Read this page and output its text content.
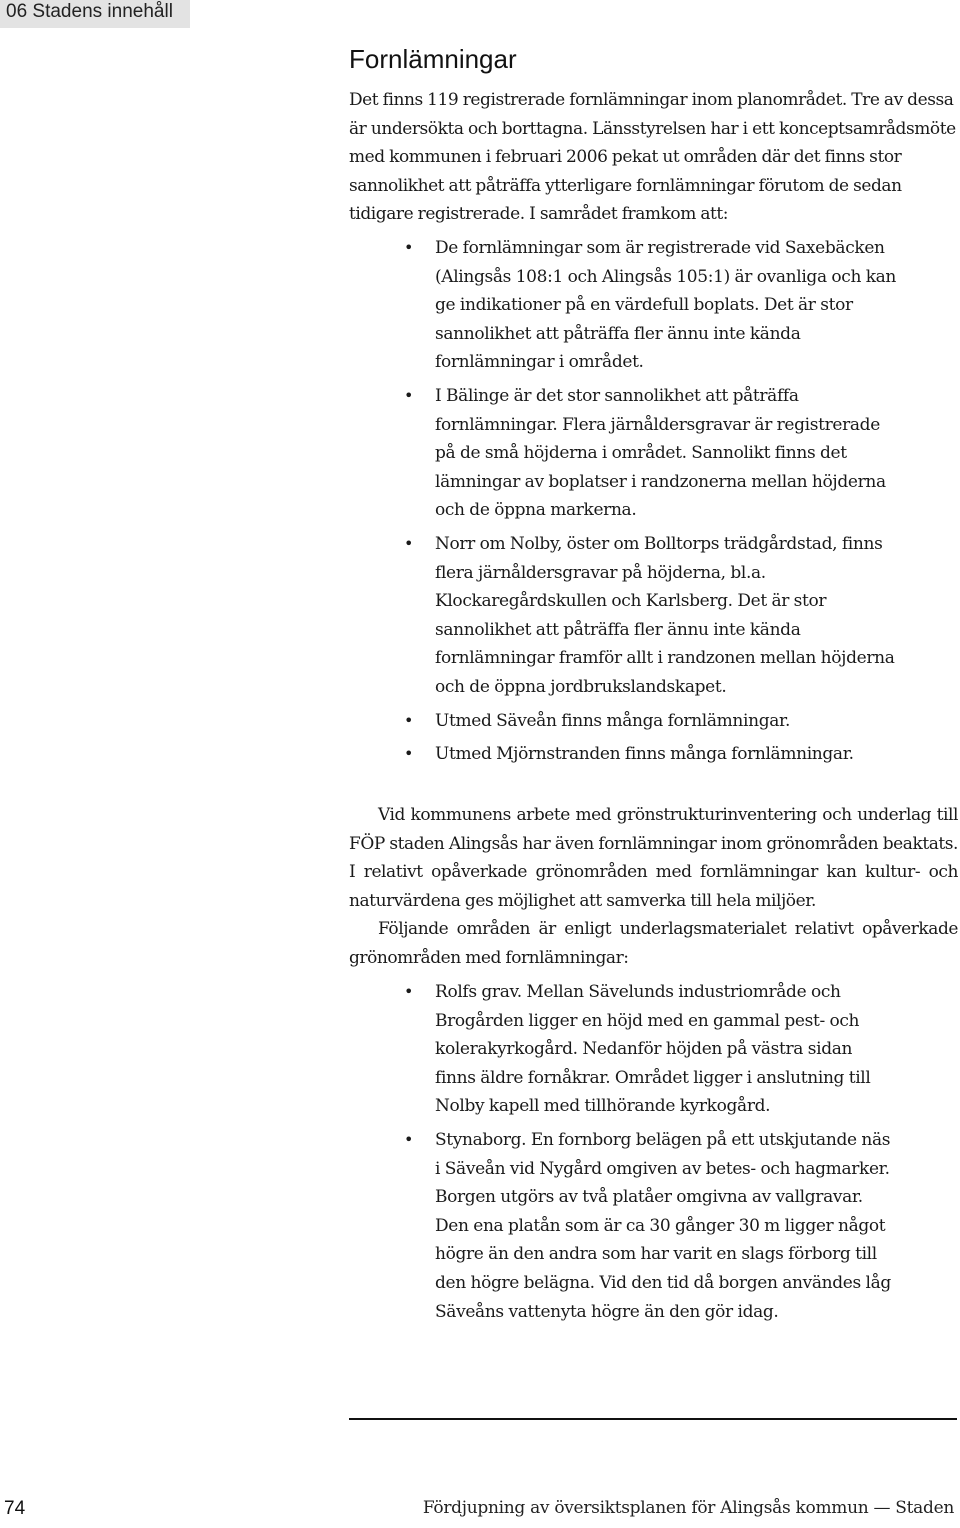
06 Stadens innehåll
Fornlämningar

Det finns 119 registrerade fornlämningar inom planområdet. Tre av dessa är undersökta och borttagna. Länsstyrelsen har i ett konceptsamrådsmöte med kommunen i februari 2006 pekat ut områden där det finns stor sannolikhet att påträffa ytterligare fornlämningar förutom de sedan tidigare registrerade. I samrådet framkom att:

• De fornlämningar som är registrerade vid Saxebäcken (Alingsås 108:1 och Alingsås 105:1) är ovanliga och kan ge indikationer på en värdefull boplats. Det är stor sannolikhet att påträffa fler ännu inte kända fornlämningar i området.
• I Bälinge är det stor sannolikhet att påträffa fornlämningar. Flera järnåldersgravar är registrerade på de små höjderna i området. Sannolikt finns det lämningar av boplatser i randzonerna mellan höjderna och de öppna markerna.
• Norr om Nolby, öster om Bolltorps trädgårdstad, finns flera järnåldersgravar på höjderna, bl.a. Klockaregårdskullen och Karlsberg. Det är stor sannolikhet att påträffa fler ännu inte kända fornlämningar framför allt i randzonen mellan höjderna och de öppna jordbrukslandskapet.
• Utmed Säveån finns många fornlämningar.
• Utmed Mjörnstranden finns många fornlämningar.

Vid kommunens arbete med grönstrukturinventering och underlag till FÖP staden Alingsås har även fornlämningar inom grönområden beaktats. I relativt opåverkade grönområden med fornlämningar kan kultur- och naturvärdena ges möjlighet att samverka till hela miljöer.

Följande områden är enligt underlagsmaterialet relativt opåverkade grönområden med fornlämningar:

• Rolfs grav. Mellan Sävelunds industriområde och Brogården ligger en höjd med en gammal pest- och kolerakyrkogård. Nedanför höjden på västra sidan finns äldre fornåkrar. Området ligger i anslutning till Nolby kapell med tillhörande kyrkogård.
• Stynaborg. En fornborg belägen på ett utskjutande näs i Säveån vid Nygård omgiven av betes- och hagmarker. Borgen utgörs av två platåer omgivna av vallgravar. Den ena platån som är ca 30 gånger 30 m ligger något högre än den andra som har varit en slags förborg till den högre belägna. Vid den tid då borgen användes låg Säveåns vattenyta högre än den gör idag.
74	Fördjupning av översiktsplanen för Alingsås kommun — Staden
